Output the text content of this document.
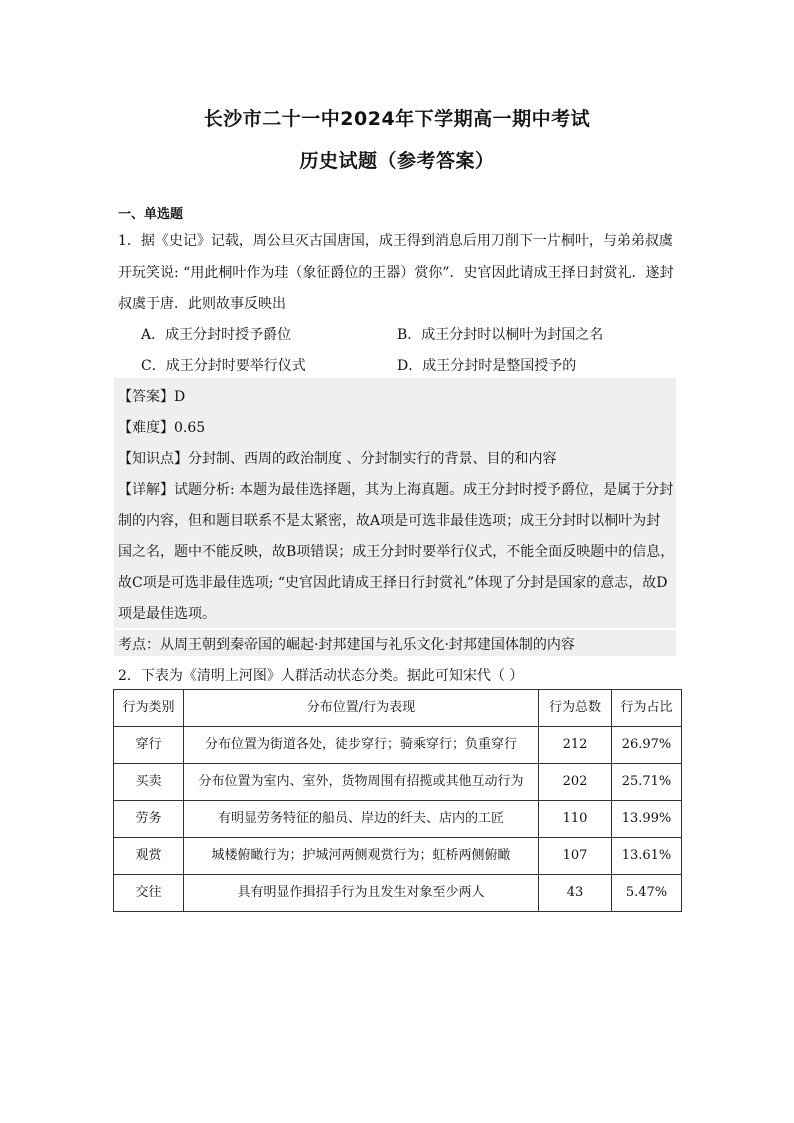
长沙市二十一中2024年下学期高一期中考试
历史试题（参考答案）
一、单选题
1．据《史记》记载，周公旦灭古国唐国，成王得到消息后用刀削下一片桐叶，与弟弟叔虞
开玩笑说: “用此桐叶作为珪（象征爵位的王器）赏你”．史官因此请成王择日封赏礼．遂封
叔虞于唐．此则故事反映出
A．成王分封时授予爵位	B．成王分封时以桐叶为封国之名
C．成王分封时要举行仪式	D．成王分封时是整国授予的
【答案】D
【难度】0.65
【知识点】分封制、西周的政治制度 、分封制实行的背景、目的和内容
【详解】试题分析: 本题为最佳选择题，其为上海真题。成王分封时授予爵位，是属于分封
制的内容，但和题目联系不是太紧密，故A项是可选非最佳选项；成王分封时以桐叶为封
国之名，题中不能反映，故B项错误；成王分封时要举行仪式，不能全面反映题中的信息，
故C项是可选非最佳选项; “史官因此请成王择日行封赏礼”体现了分封是国家的意志，故D
项是最佳选项。
考点：从周王朝到秦帝国的崛起·封邦建国与礼乐文化·封邦建国体制的内容
2．下表为《清明上河图》人群活动状态分类。据此可知宋代（ ）
行为类别	分布位置/行为表现	行为总数	行为占比
穿行	分布位置为街道各处，徒步穿行；骑乘穿行；负重穿行	212	26.97%
买卖	分布位置为室内、室外，货物周围有招揽或其他互动行为	202	25.71%
劳务	有明显劳务特征的船员、岸边的纤夫、店内的工匠	110	13.99%
观赏	城楼俯瞰行为；护城河两侧观赏行为；虹桥两侧俯瞰	107	13.61%
交往	具有明显作揖招手行为且发生对象至少两人	43	5.47%
